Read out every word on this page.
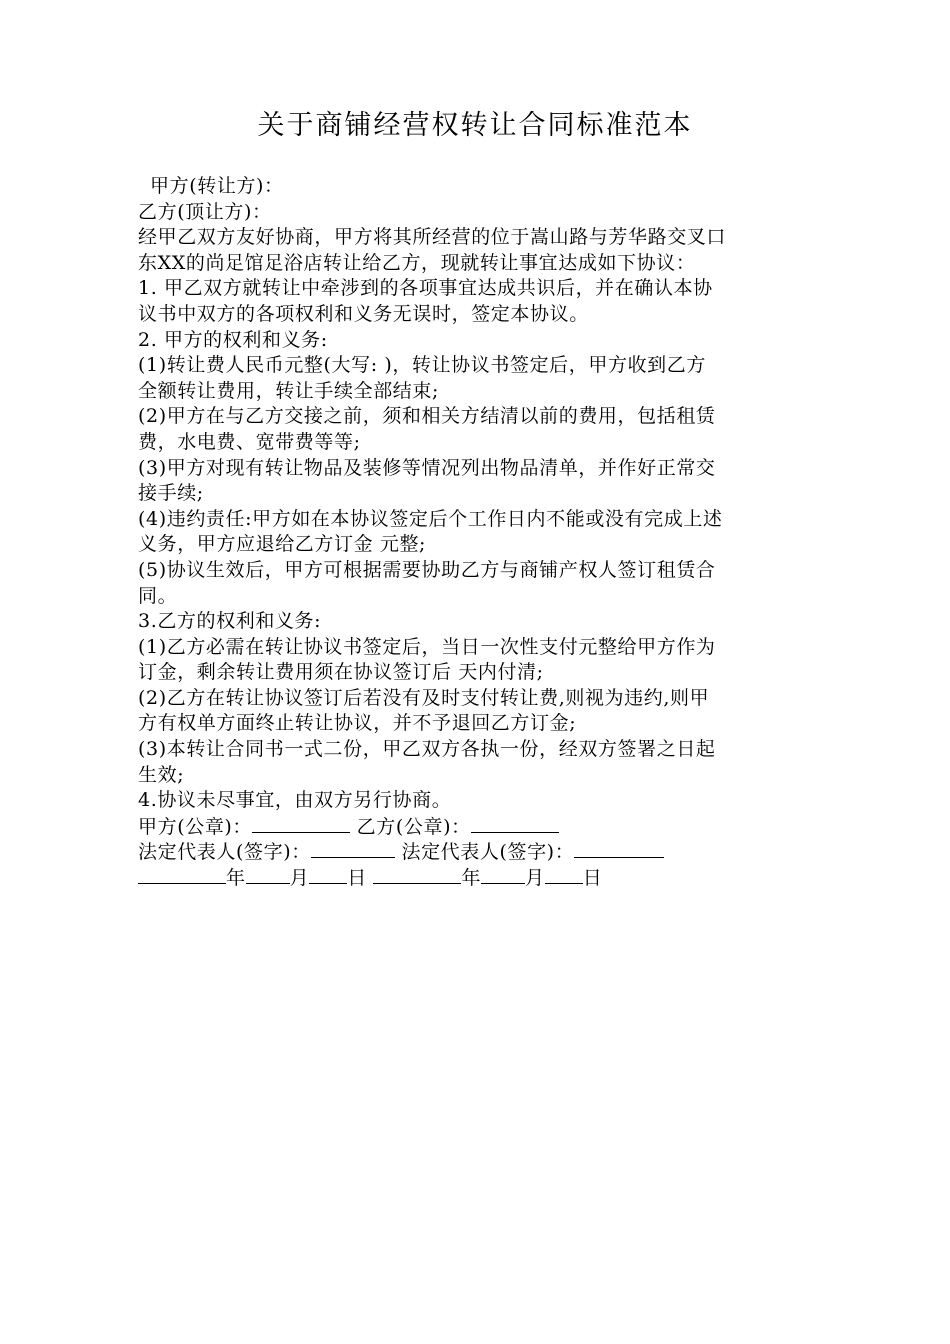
关于商铺经营权转让合同标准范本
甲方(转让方)：
乙方(顶让方)：
经甲乙双方友好协商，甲方将其所经营的位于嵩山路与芳华路交叉口
东XX的尚足馆足浴店转让给乙方，现就转让事宜达成如下协议：
1. 甲乙双方就转让中牵涉到的各项事宜达成共识后，并在确认本协
议书中双方的各项权利和义务无误时，签定本协议。
2. 甲方的权利和义务:
(1)转让费人民币元整(大写: )，转让协议书签定后，甲方收到乙方
全额转让费用，转让手续全部结束;
(2)甲方在与乙方交接之前，须和相关方结清以前的费用，包括租赁
费，水电费、宽带费等等;
(3)甲方对现有转让物品及装修等情况列出物品清单，并作好正常交
接手续;
(4)违约责任:甲方如在本协议签定后个工作日内不能或没有完成上述
义务，甲方应退给乙方订金 元整;
(5)协议生效后，甲方可根据需要协助乙方与商铺产权人签订租赁合
同。
3.乙方的权利和义务:
(1)乙方必需在转让协议书签定后，当日一次性支付元整给甲方作为
订金，剩余转让费用须在协议签订后 天内付清;
(2)乙方在转让协议签订后若没有及时支付转让费,则视为违约,则甲
方有权单方面终止转让协议，并不予退回乙方订金;
(3)本转让合同书一式二份，甲乙双方各执一份，经双方签署之日起
生效;
4.协议未尽事宜，由双方另行协商。
甲方(公章)：	乙方(公章)：
法定代表人(签字)：	法定代表人(签字)：
年 月 日	年 月 日
